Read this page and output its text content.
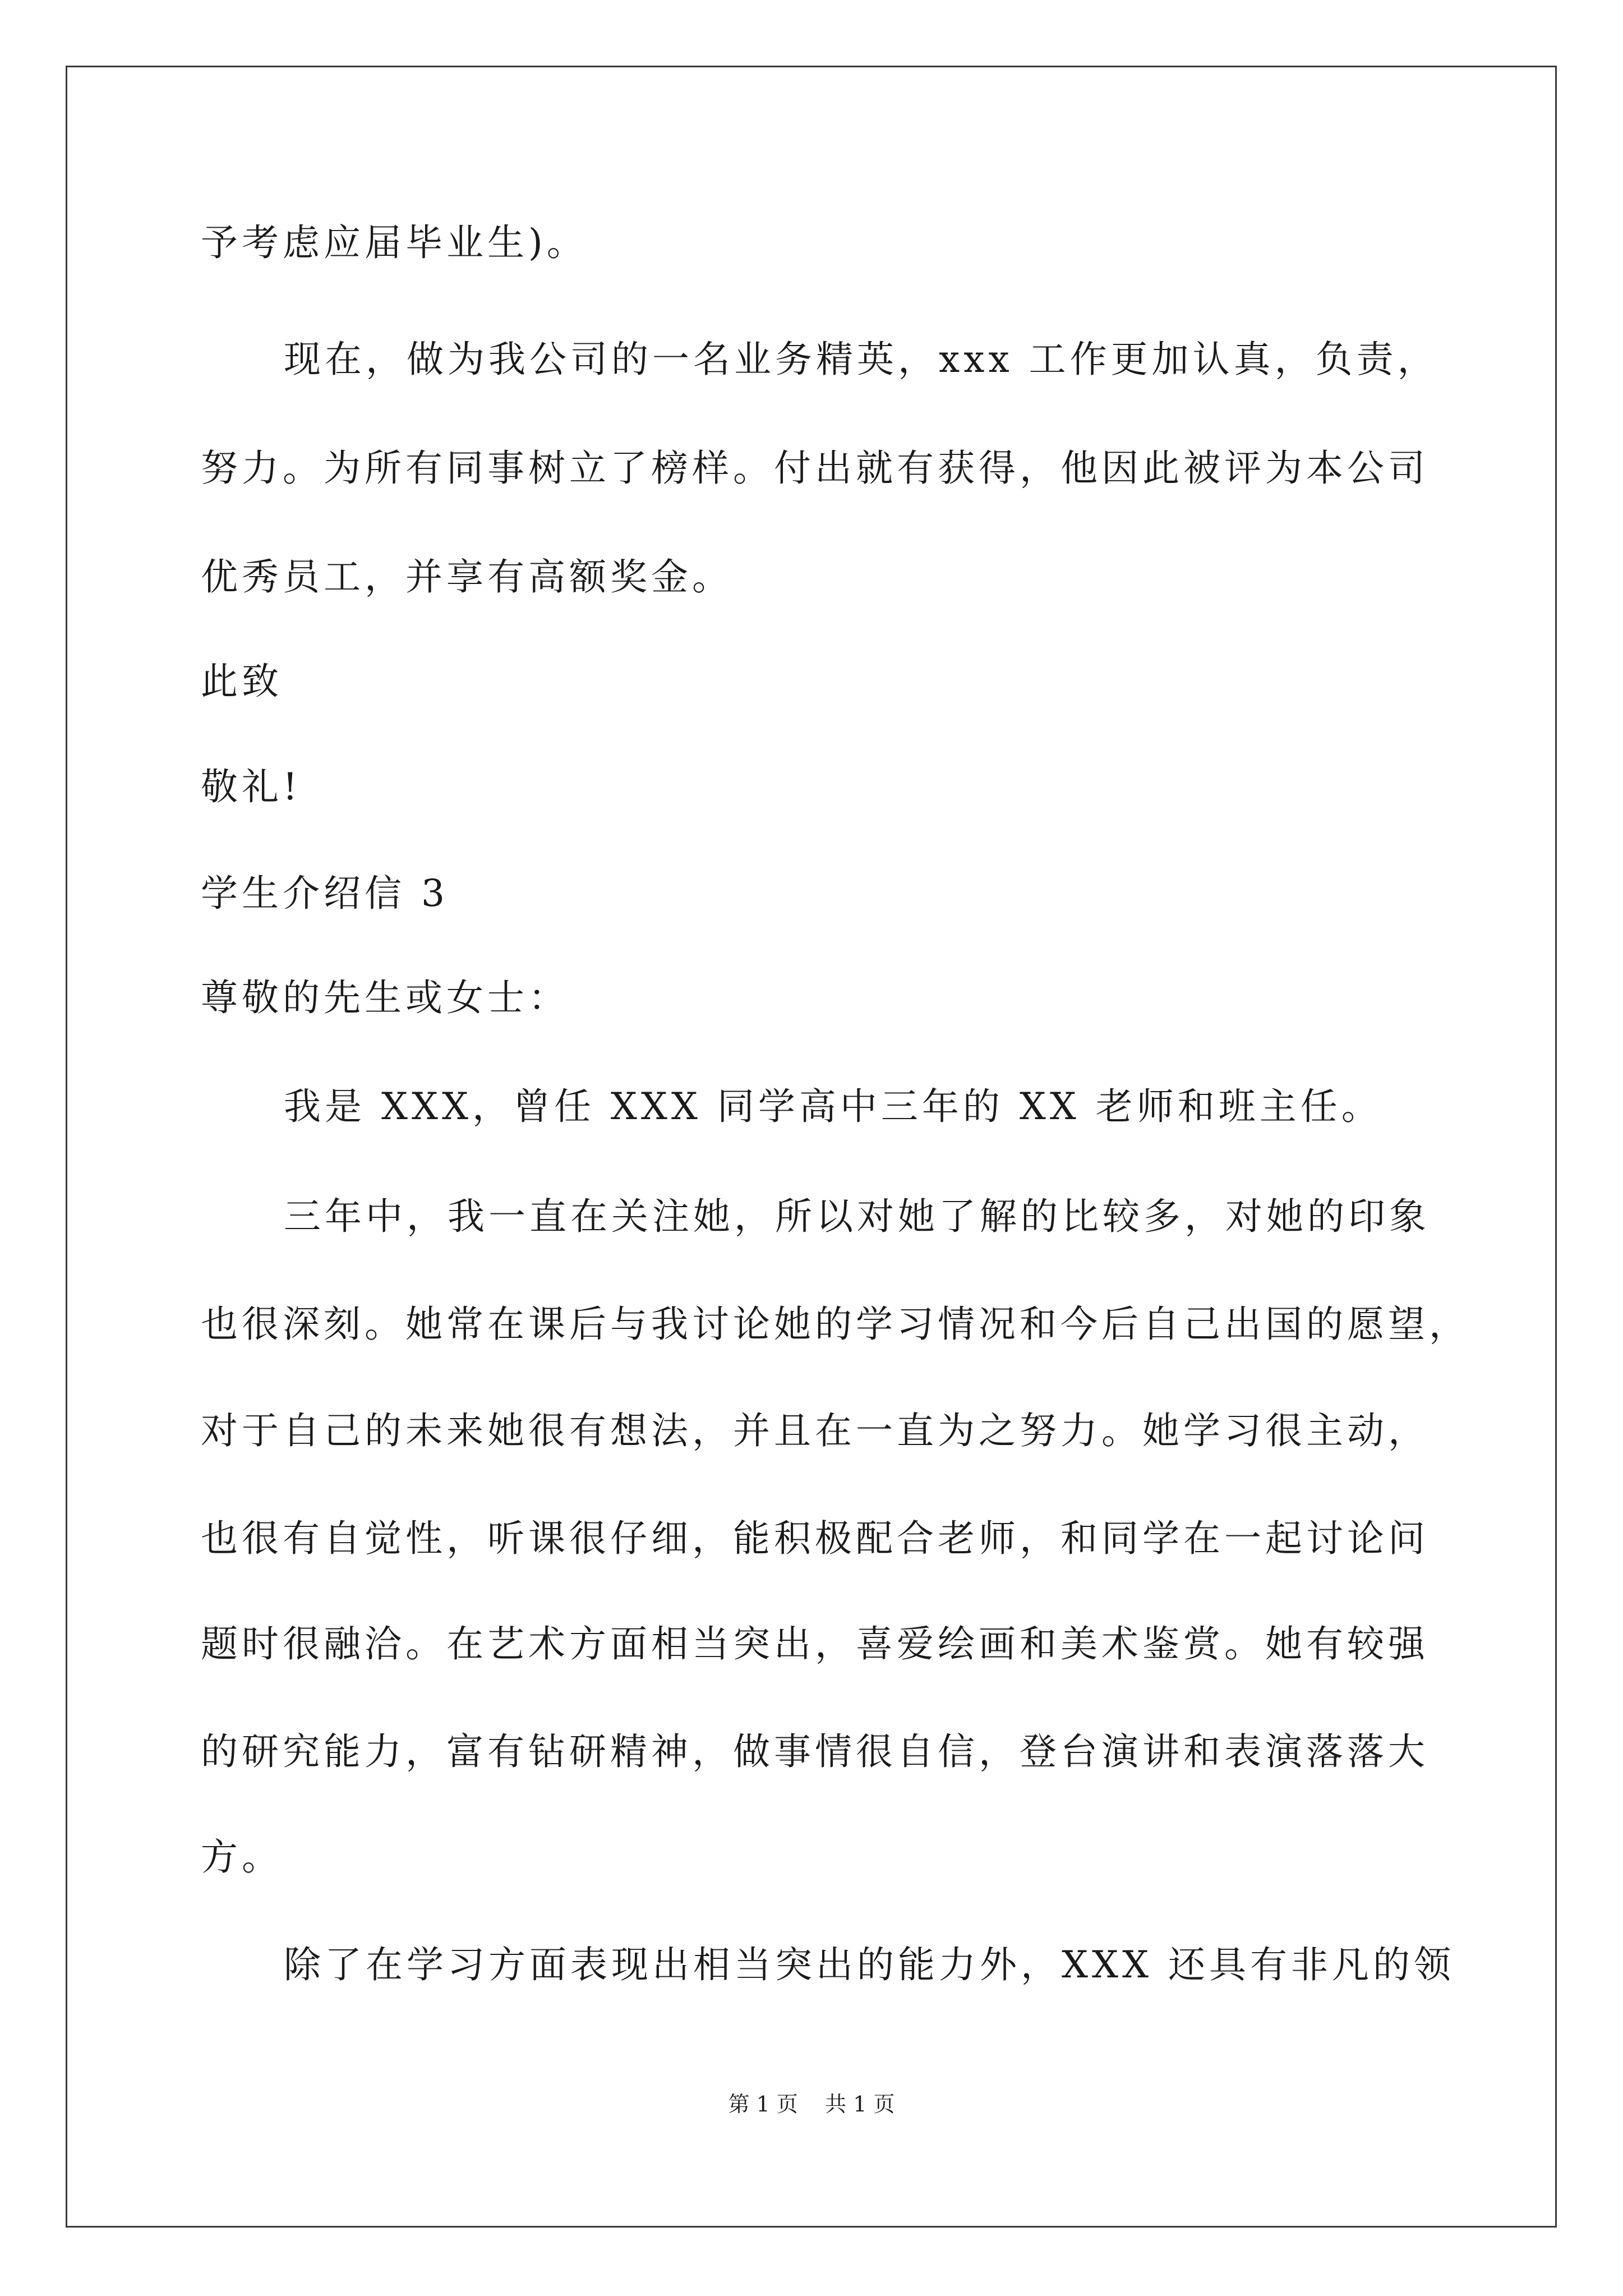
予考虑应届毕业生)。
现在，做为我公司的一名业务精英，xxx 工作更加认真，负责，
努力。为所有同事树立了榜样。付出就有获得，他因此被评为本公司
优秀员工，并享有高额奖金。
此致
敬礼!
学生介绍信 3
尊敬的先生或女士：
我是 XXX，曾任 XXX 同学高中三年的 XX 老师和班主任。
三年中，我一直在关注她，所以对她了解的比较多，对她的印象
也很深刻。她常在课后与我讨论她的学习情况和今后自己出国的愿望，
对于自己的未来她很有想法，并且在一直为之努力。她学习很主动，
也很有自觉性，听课很仔细，能积极配合老师，和同学在一起讨论问
题时很融洽。在艺术方面相当突出，喜爱绘画和美术鉴赏。她有较强
的研究能力，富有钻研精神，做事情很自信，登台演讲和表演落落大
方。
除了在学习方面表现出相当突出的能力外，XXX 还具有非凡的领
第 1 页    共 1 页
